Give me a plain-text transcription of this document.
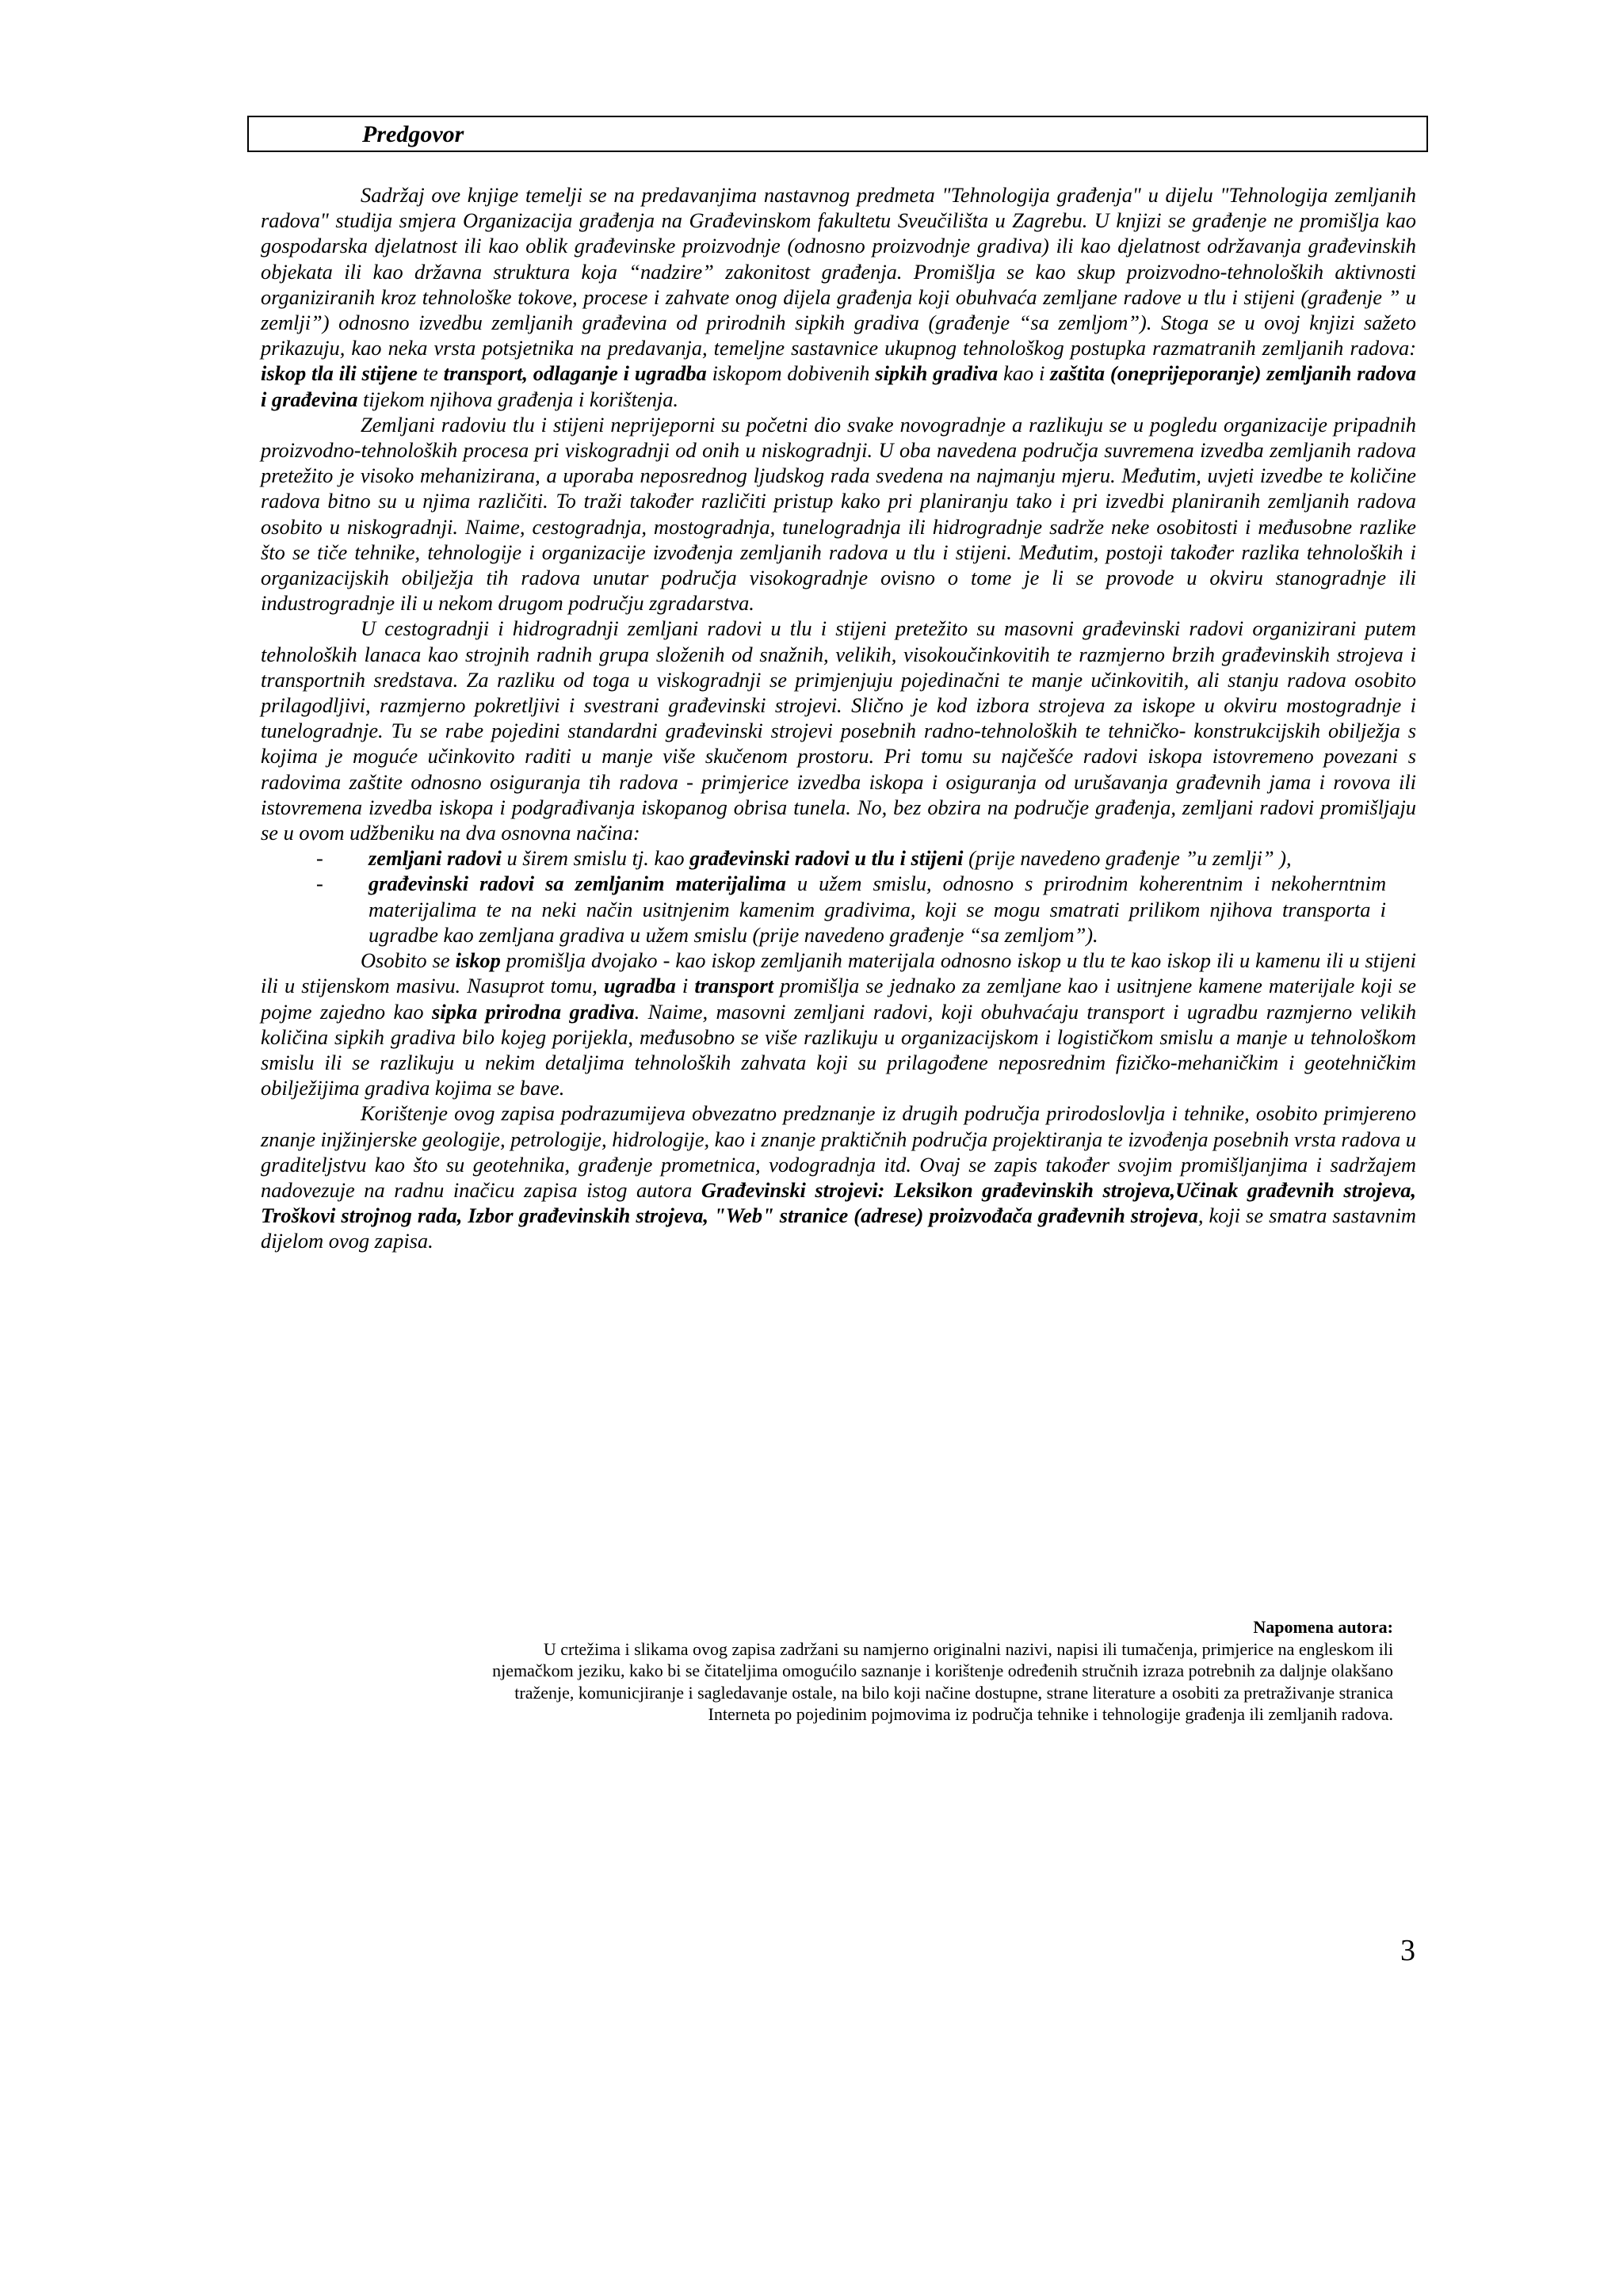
Predgovor

Sadržaj ove knjige temelji se na predavanjima nastavnog predmeta "Tehnologija građenja" u dijelu "Tehnologija zemljanih radova" studija smjera Organizacija građenja na Građevinskom fakultetu Sveučilišta u Zagrebu. U knjizi se građenje ne promišlja kao gospodarska djelatnost ili kao oblik građevinske proizvodnje (odnosno proizvodnje gradiva) ili kao djelatnost održavanja građevinskih objekata ili kao državna struktura koja “nadzire” zakonitost građenja. Promišlja se kao skup proizvodno-tehnoloških aktivnosti organiziranih kroz tehnološke tokove, procese i zahvate onog dijela građenja koji obuhvaća zemljane radove u tlu i stijeni (građenje ” u zemlji”) odnosno izvedbu zemljanih građevina od prirodnih sipkih gradiva (građenje “sa zemljom”). Stoga se u ovoj knjizi sažeto prikazuju, kao neka vrsta potsjetnika na predavanja, temeljne sastavnice ukupnog tehnološkog postupka razmatranih zemljanih radova: iskop tla ili stijene te transport, odlaganje i ugradba iskopom dobivenih sipkih gradiva kao i zaštita (oneprijeporanje) zemljanih radova i građevina tijekom njihova građenja i korištenja.

Zemljani radoviu tlu i stijeni neprijeporni su početni dio svake novogradnje a razlikuju se u pogledu organizacije pripadnih proizvodno-tehnoloških procesa pri viskogradnji od onih u niskogradnji. U oba navedena područja suvremena izvedba zemljanih radova pretežito je visoko mehanizirana, a uporaba neposrednog ljudskog rada svedena na najmanju mjeru. Međutim, uvjeti izvedbe te količine radova bitno su u njima različiti. To traži također različiti pristup kako pri planiranju tako i pri izvedbi planiranih zemljanih radova osobito u niskogradnji. Naime, cestogradnja, mostogradnja, tunelogradnja ili hidrogradnje sadrže neke osobitosti i međusobne razlike što se tiče tehnike, tehnologije i organizacije izvođenja zemljanih radova u tlu i stijeni. Međutim, postoji također razlika tehnoloških i organizacijskih obilježja tih radova unutar područja visokogradnje ovisno o tome je li se provode u okviru stanogradnje ili industrogradnje ili u nekom drugom području zgradarstva.

U cestogradnji i hidrogradnji zemljani radovi u tlu i stijeni pretežito su masovni građevinski radovi organizirani putem tehnoloških lanaca kao strojnih radnih grupa složenih od snažnih, velikih, visokoučinkovitih te razmjerno brzih građevinskih strojeva i transportnih sredstava. Za razliku od toga u viskogradnji se primjenjuju pojedinačni te manje učinkovitih, ali stanju radova osobito prilagodljivi, razmjerno pokretljivi i svestrani građevinski strojevi. Slično je kod izbora strojeva za iskope u okviru mostogradnje i tunelogradnje. Tu se rabe pojedini standardni građevinski strojevi posebnih radno-tehnoloških te tehničko- konstrukcijskih obilježja s kojima je moguće učinkovito raditi u manje više skučenom prostoru. Pri tomu su najčešće radovi iskopa istovremeno povezani s radovima zaštite odnosno osiguranja tih radova - primjerice izvedba iskopa i osiguranja od urušavanja građevnih jama i rovova ili istovremena izvedba iskopa i podgrađivanja iskopanog obrisa tunela. No, bez obzira na područje građenja, zemljani radovi promišljaju se u ovom udžbeniku na dva osnovna načina:

- zemljani radovi u širem smislu tj. kao građevinski radovi u tlu i stijeni (prije navedeno građenje ”u zemlji” ),
- građevinski radovi sa zemljanim materijalima u užem smislu, odnosno s prirodnim koherentnim i nekoherntnim materijalima te na neki način usitnjenim kamenim gradivima, koji se mogu smatrati prilikom njihova transporta i ugradbe kao zemljana gradiva u užem smislu (prije navedeno građenje “sa zemljom”).

Osobito se iskop promišlja dvojako - kao iskop zemljanih materijala odnosno iskop u tlu te kao iskop ili u kamenu ili u stijeni ili u stijenskom masivu. Nasuprot tomu, ugradba i transport promišlja se jednako za zemljane kao i usitnjene kamene materijale koji se pojme zajedno kao sipka prirodna gradiva. Naime, masovni zemljani radovi, koji obuhvaćaju transport i ugradbu razmjerno velikih količina sipkih gradiva bilo kojeg porijekla, međusobno se više razlikuju u organizacijskom i logističkom smislu a manje u tehnološkom smislu ili se razlikuju u nekim detaljima tehnoloških zahvata koji su prilagođene neposrednim fizičko-mehaničkim i geotehničkim obilježijima gradiva kojima se bave.

Korištenje ovog zapisa podrazumijeva obvezatno predznanje iz drugih područja prirodoslovlja i tehnike, osobito primjereno znanje injžinjerske geologije, petrologije, hidrologije, kao i znanje praktičnih područja projektiranja te izvođenja posebnih vrsta radova u graditeljstvu kao što su geotehnika, građenje prometnica, vodogradnja itd. Ovaj se zapis također svojim promišljanjima i sadržajem nadovezuje na radnu inačicu zapisa istog autora Građevinski strojevi: Leksikon građevinskih strojeva,Učinak građevnih strojeva, Troškovi strojnog rada, Izbor građevinskih strojeva, "Web" stranice (adrese) proizvođača građevnih strojeva, koji se smatra sastavnim dijelom ovog zapisa.

Napomena autora:
U crtežima i slikama ovog zapisa zadržani su namjerno originalni nazivi, napisi ili tumačenja, primjerice na engleskom ili
njemačkom jeziku, kako bi se čitateljima omogućilo saznanje i korištenje određenih stručnih izraza potrebnih za daljnje olakšano
traženje, komunicjiranje i sagledavanje ostale, na bilo koji načine dostupne, strane literature a osobiti za pretraživanje stranica
Interneta po pojedinim pojmovima iz područja tehnike i tehnologije građenja ili zemljanih radova.
3
